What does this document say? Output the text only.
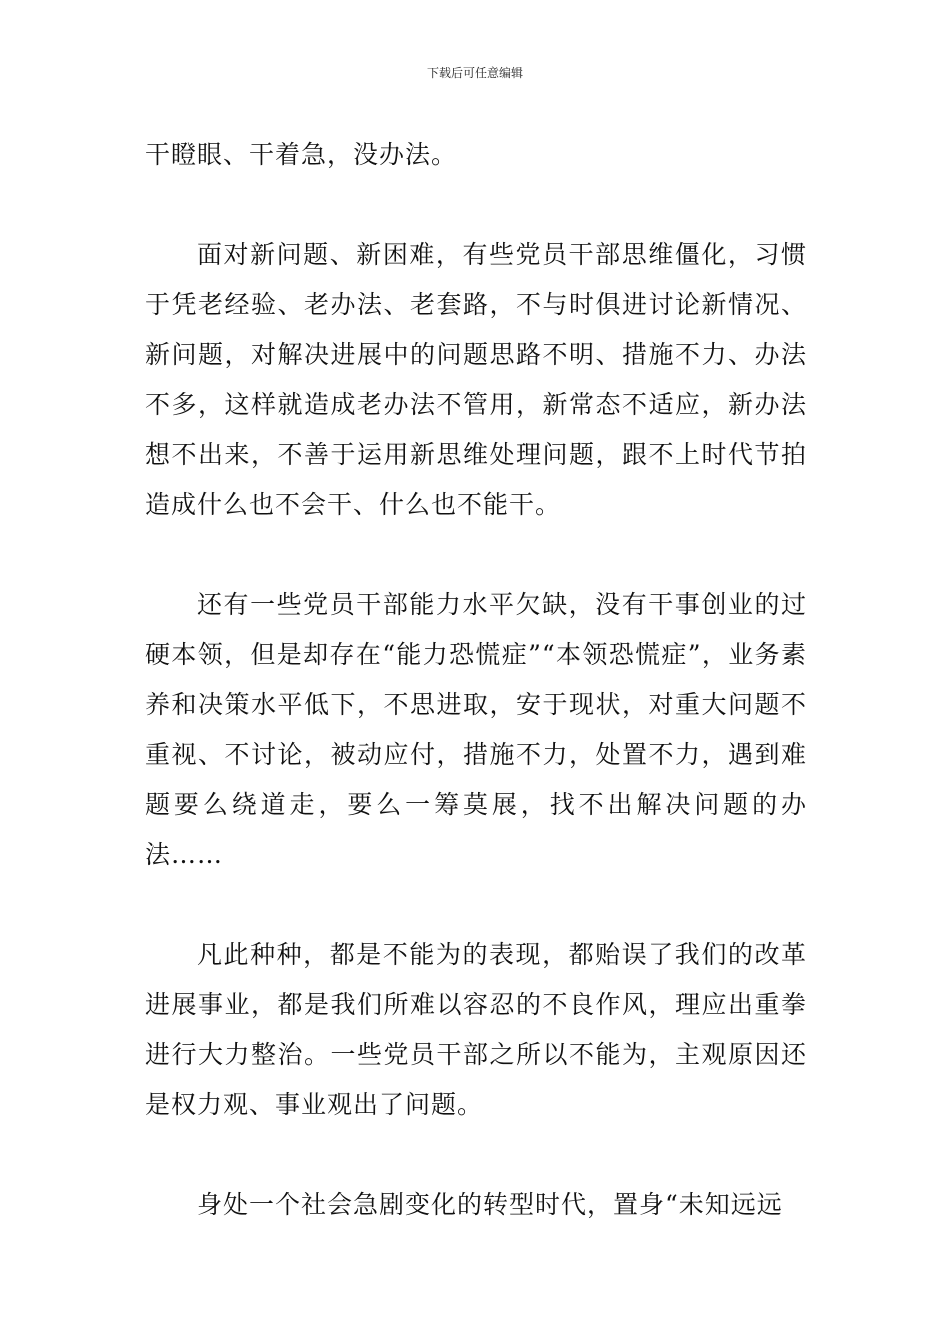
下载后可任意编辑

干瞪眼、干着急，没办法。

面对新问题、新困难，有些党员干部思维僵化，习惯于凭老经验、老办法、老套路，不与时俱进讨论新情况、新问题，对解决进展中的问题思路不明、措施不力、办法不多，这样就造成老办法不管用，新常态不适应，新办法想不出来，不善于运用新思维处理问题，跟不上时代节拍造成什么也不会干、什么也不能干。

还有一些党员干部能力水平欠缺，没有干事创业的过硬本领，但是却存在“能力恐慌症”“本领恐慌症”，业务素养和决策水平低下，不思进取，安于现状，对重大问题不重视、不讨论，被动应付，措施不力，处置不力，遇到难题要么绕道走，要么一筹莫展，找不出解决问题的办法……

凡此种种，都是不能为的表现，都贻误了我们的改革进展事业，都是我们所难以容忍的不良作风，理应出重拳进行大力整治。一些党员干部之所以不能为，主观原因还是权力观、事业观出了问题。

身处一个社会急剧变化的转型时代，置身“未知远远
